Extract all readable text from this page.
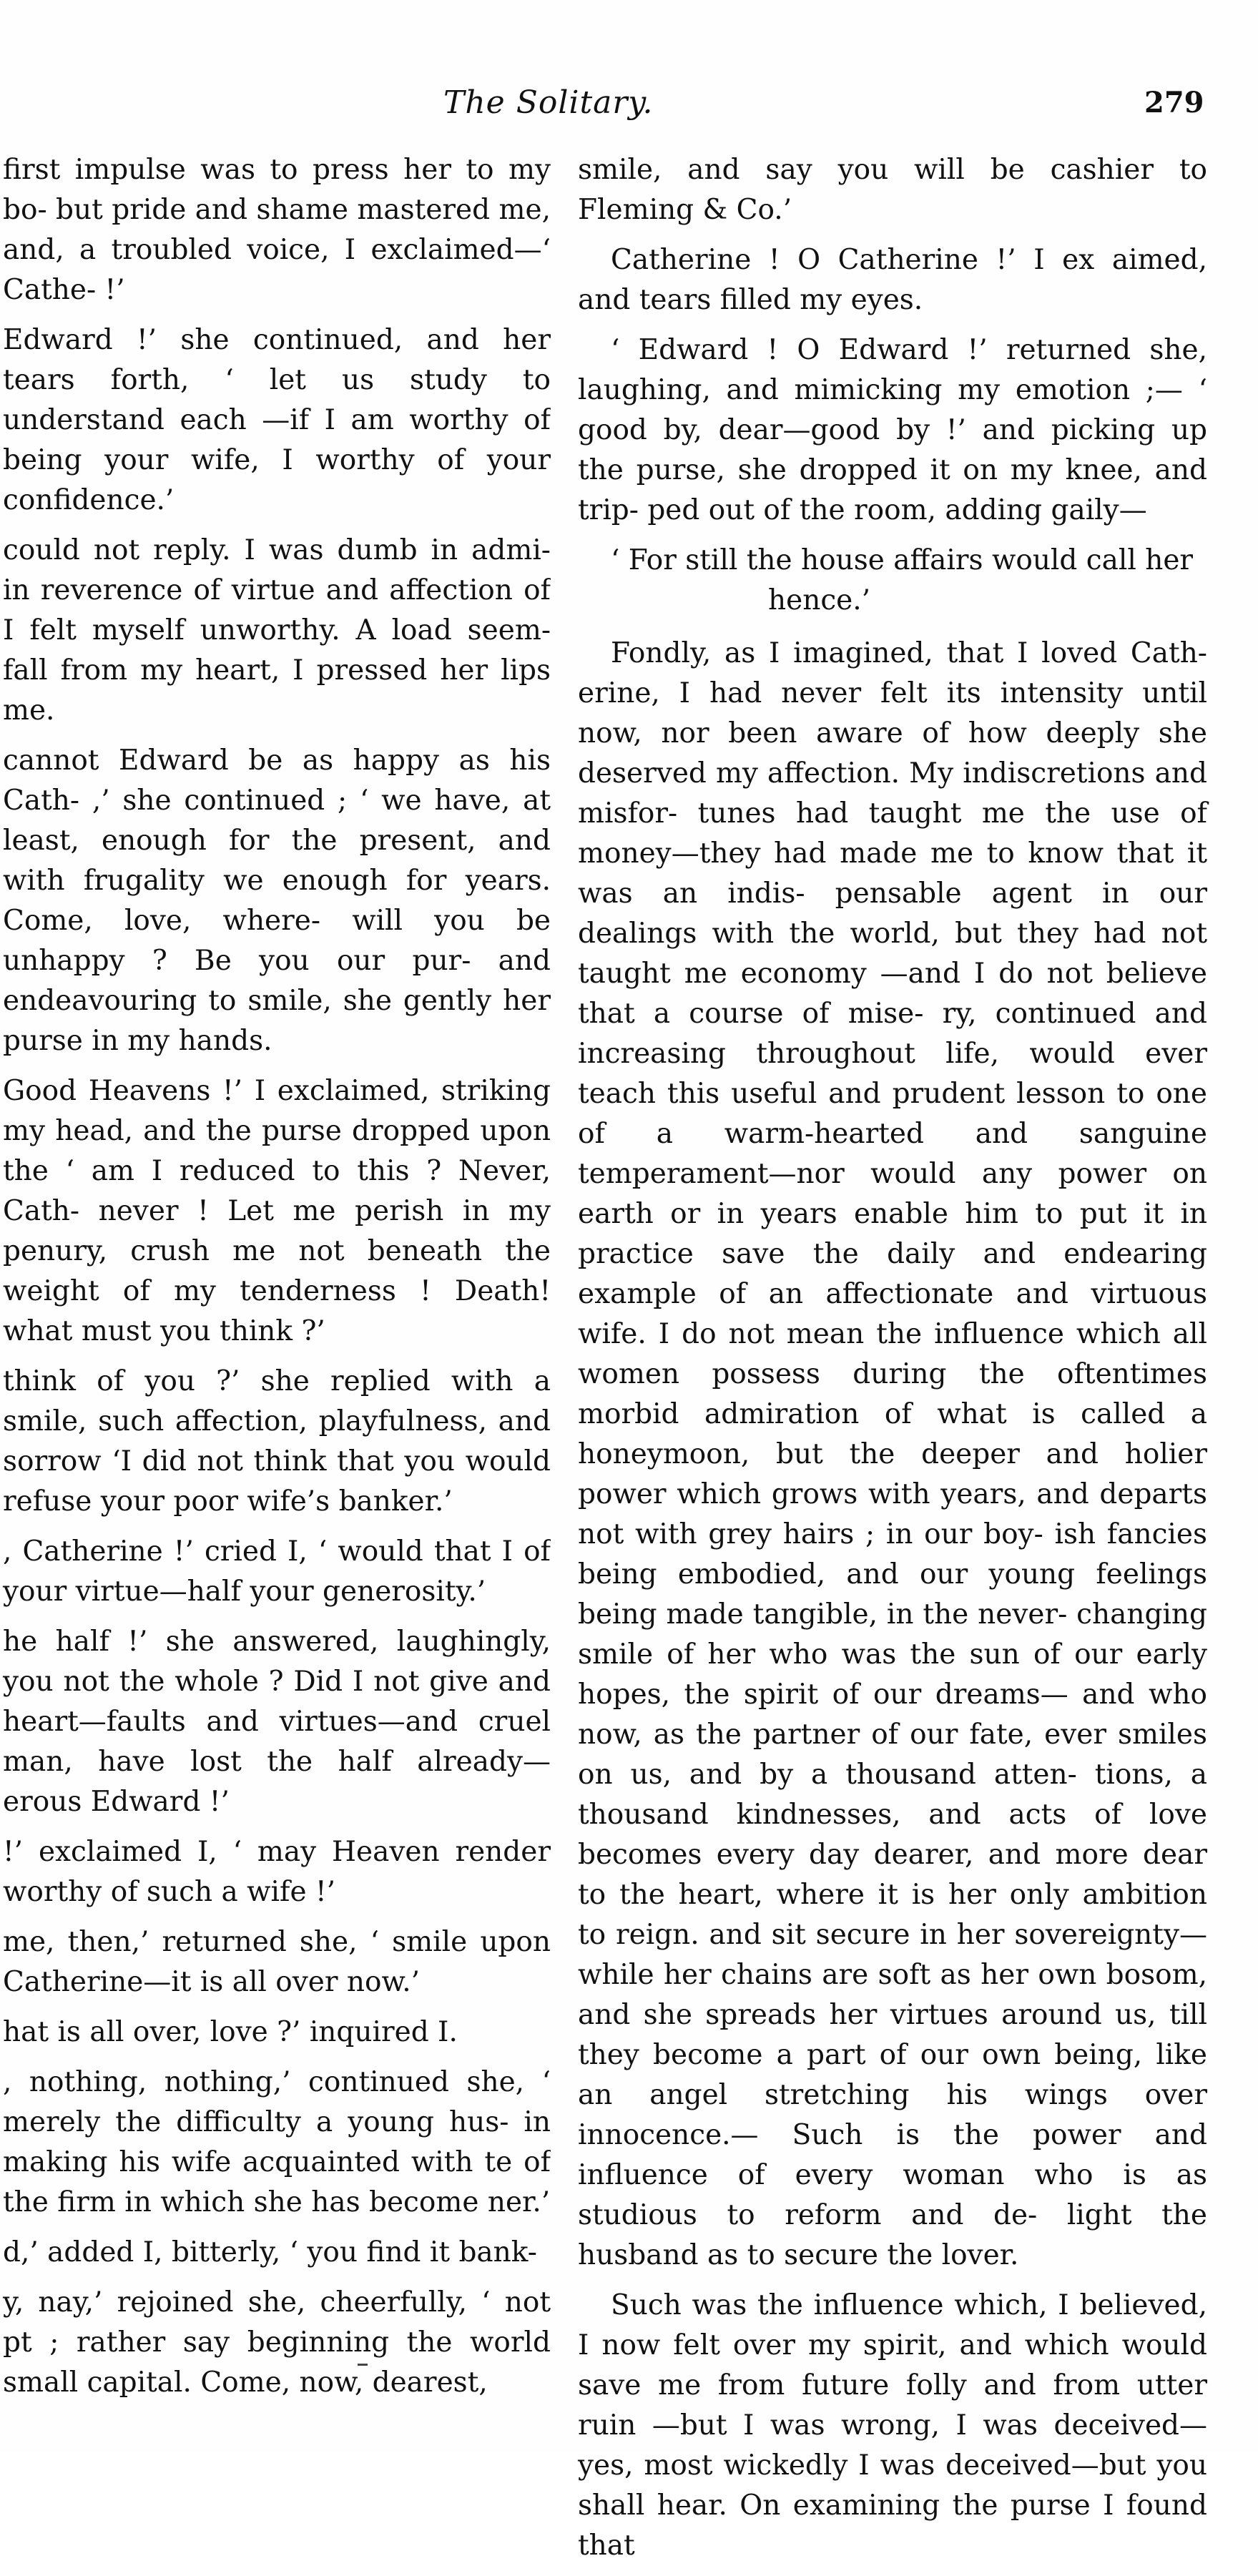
The Solitary.	279

first impulse was to press her to my bo- but pride and shame mastered me, and, a troubled voice, I exclaimed—‘ Cathe- !’

Edward !’ she continued, and her tears forth, ‘ let us study to understand each —if I am worthy of being your wife, I worthy of your confidence.’

could not reply. I was dumb in admi- in reverence of virtue and affection of I felt myself unworthy. A load seem- fall from my heart, I pressed her lips me.

cannot Edward be as happy as his Cath- ,’ she continued ; ‘ we have, at least, enough for the present, and with frugality we enough for years. Come, love, where- will you be unhappy ? Be you our pur- and endeavouring to smile, she gently her purse in my hands.

Good Heavens !’ I exclaimed, striking my head, and the purse dropped upon the ‘ am I reduced to this ? Never, Cath- never ! Let me perish in my penury, crush me not beneath the weight of my tenderness ! Death! what must you think ?’

think of you ?’ she replied with a smile, such affection, playfulness, and sorrow ‘I did not think that you would refuse your poor wife’s banker.’

, Catherine !’ cried I, ‘ would that I of your virtue—half your generosity.’

he half !’ she answered, laughingly, you not the whole ? Did I not give and heart—faults and virtues—and cruel man, have lost the half already— erous Edward !’

!’ exclaimed I, ‘ may Heaven render worthy of such a wife !’

me, then,’ returned she, ‘ smile upon Catherine—it is all over now.’

hat is all over, love ?’ inquired I.

, nothing, nothing,’ continued she, ‘ merely the difficulty a young hus- in making his wife acquainted with te of the firm in which she has become ner.’

d,’ added I, bitterly, ‘ you find it bank-

y, nay,’ rejoined she, cheerfully, ‘ not pt ; rather say beginning the world small capital. Come, now, dearest,

smile, and say you will be cashier to Fleming & Co.’

Catherine ! O Catherine !’ I ex aimed, and tears filled my eyes.

‘ Edward ! O Edward !’ returned she, laughing, and mimicking my emotion ;— ‘ good by, dear—good by !’ and picking up the purse, she dropped it on my knee, and trip- ped out of the room, adding gaily—

‘ For still the house affairs would call her
hence.’

Fondly, as I imagined, that I loved Cath- erine, I had never felt its intensity until now, nor been aware of how deeply she deserved my affection. My indiscretions and misfor- tunes had taught me the use of money—they had made me to know that it was an indis- pensable agent in our dealings with the world, but they had not taught me economy —and I do not believe that a course of mise- ry, continued and increasing throughout life, would ever teach this useful and prudent lesson to one of a warm-hearted and sanguine temperament—nor would any power on earth or in years enable him to put it in practice save the daily and endearing example of an affectionate and virtuous wife. I do not mean the influence which all women possess during the oftentimes morbid admiration of what is called a honeymoon, but the deeper and holier power which grows with years, and departs not with grey hairs ; in our boy- ish fancies being embodied, and our young feelings being made tangible, in the never- changing smile of her who was the sun of our early hopes, the spirit of our dreams— and who now, as the partner of our fate, ever smiles on us, and by a thousand atten- tions, a thousand kindnesses, and acts of love becomes every day dearer, and more dear to the heart, where it is her only ambition to reign. and sit secure in her sovereignty— while her chains are soft as her own bosom, and she spreads her virtues around us, till they become a part of our own being, like an angel stretching his wings over innocence.— Such is the power and influence of every woman who is as studious to reform and de- light the husband as to secure the lover.

Such was the influence which, I believed, I now felt over my spirit, and which would save me from future folly and from utter ruin —but I was wrong, I was deceived—yes, most wickedly I was deceived—but you shall hear. On examining the purse I found that
